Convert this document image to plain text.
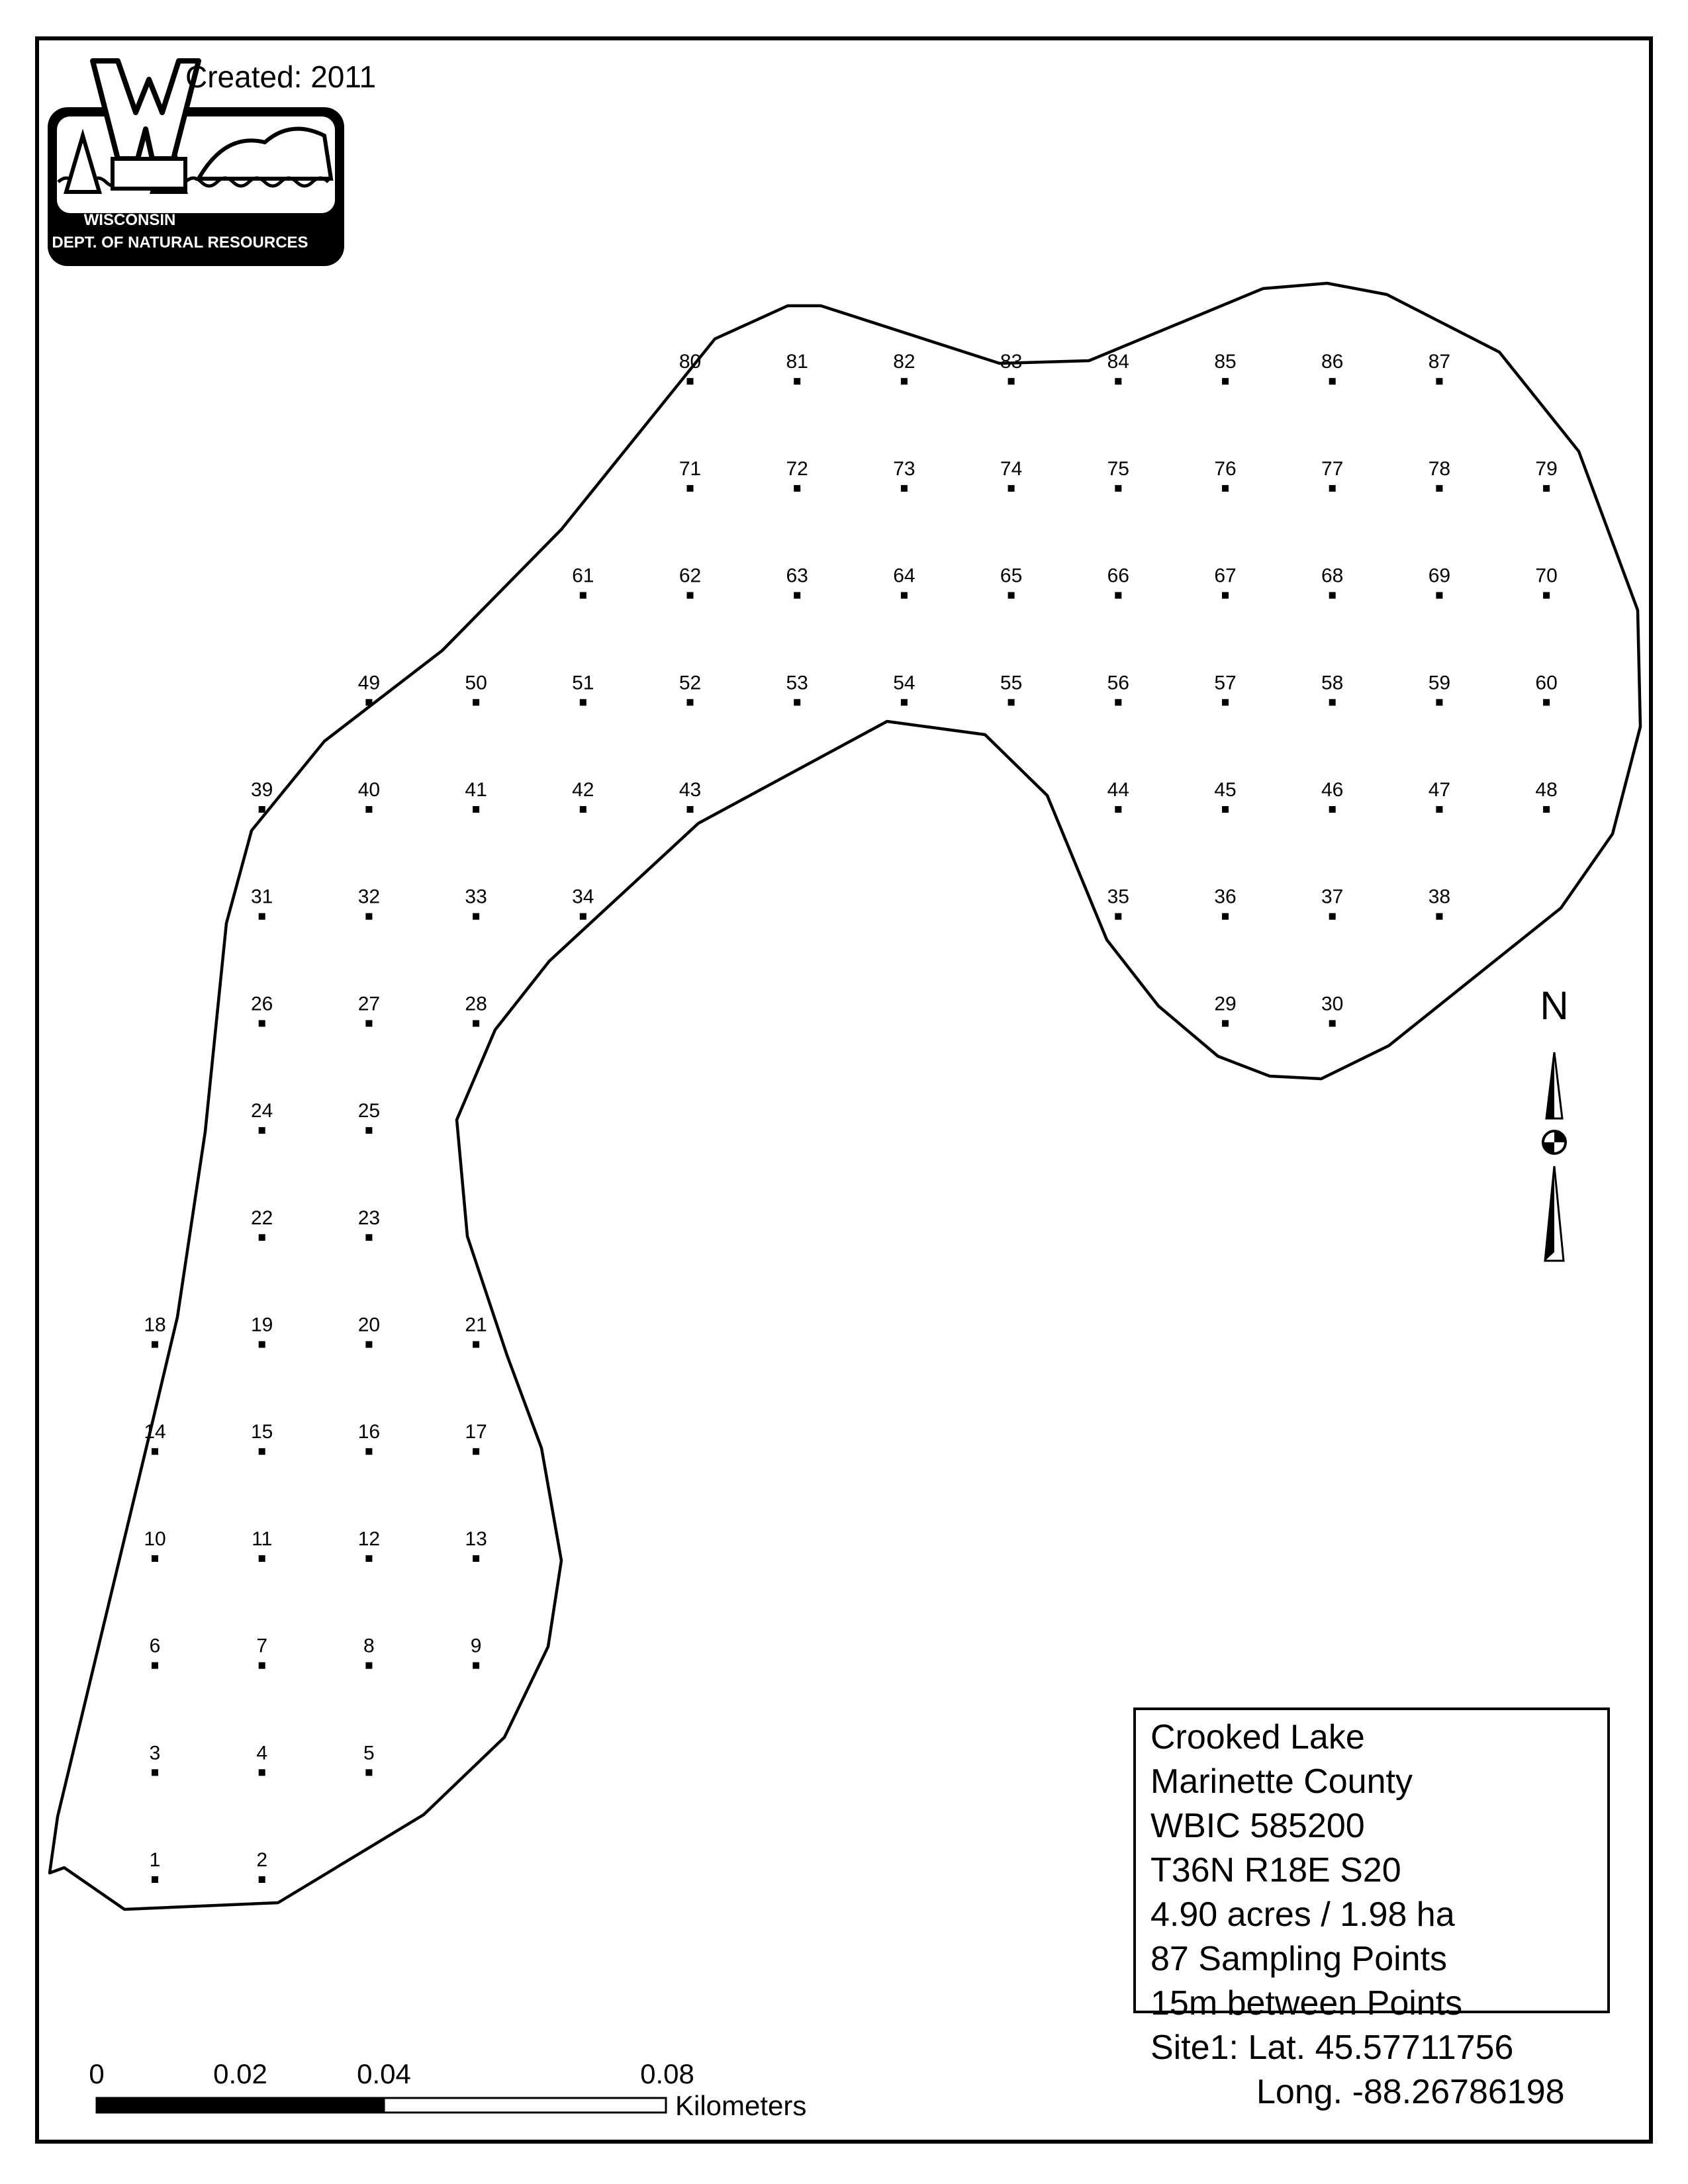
WISCONSIN
DEPT. OF NATURAL RESOURCES
Created: 2011
1	2
3	4	5
6	7	8	9
10	11	12	13
14	15	16	17
18	19	20	21
22	23
24	25
26	27	28	29	30
31	32	33	34	35	36	37	38
39	40	41	42	43	44	45	46	47	48
49	50	51	52	53	54	55	56	57	58	59	60
61	62	63	64	65	66	67	68	69	70
71	72	73	74	75	76	77	78	79
80	81	82	83	84	85	86	87
N
0	0.02	0.04	0.08
Kilometers
Crooked Lake
Marinette County
WBIC 585200
T36N R18E S20
4.90 acres / 1.98 ha
87 Sampling Points
15m between Points
Site1: Lat. 45.57711756
Long. -88.26786198
